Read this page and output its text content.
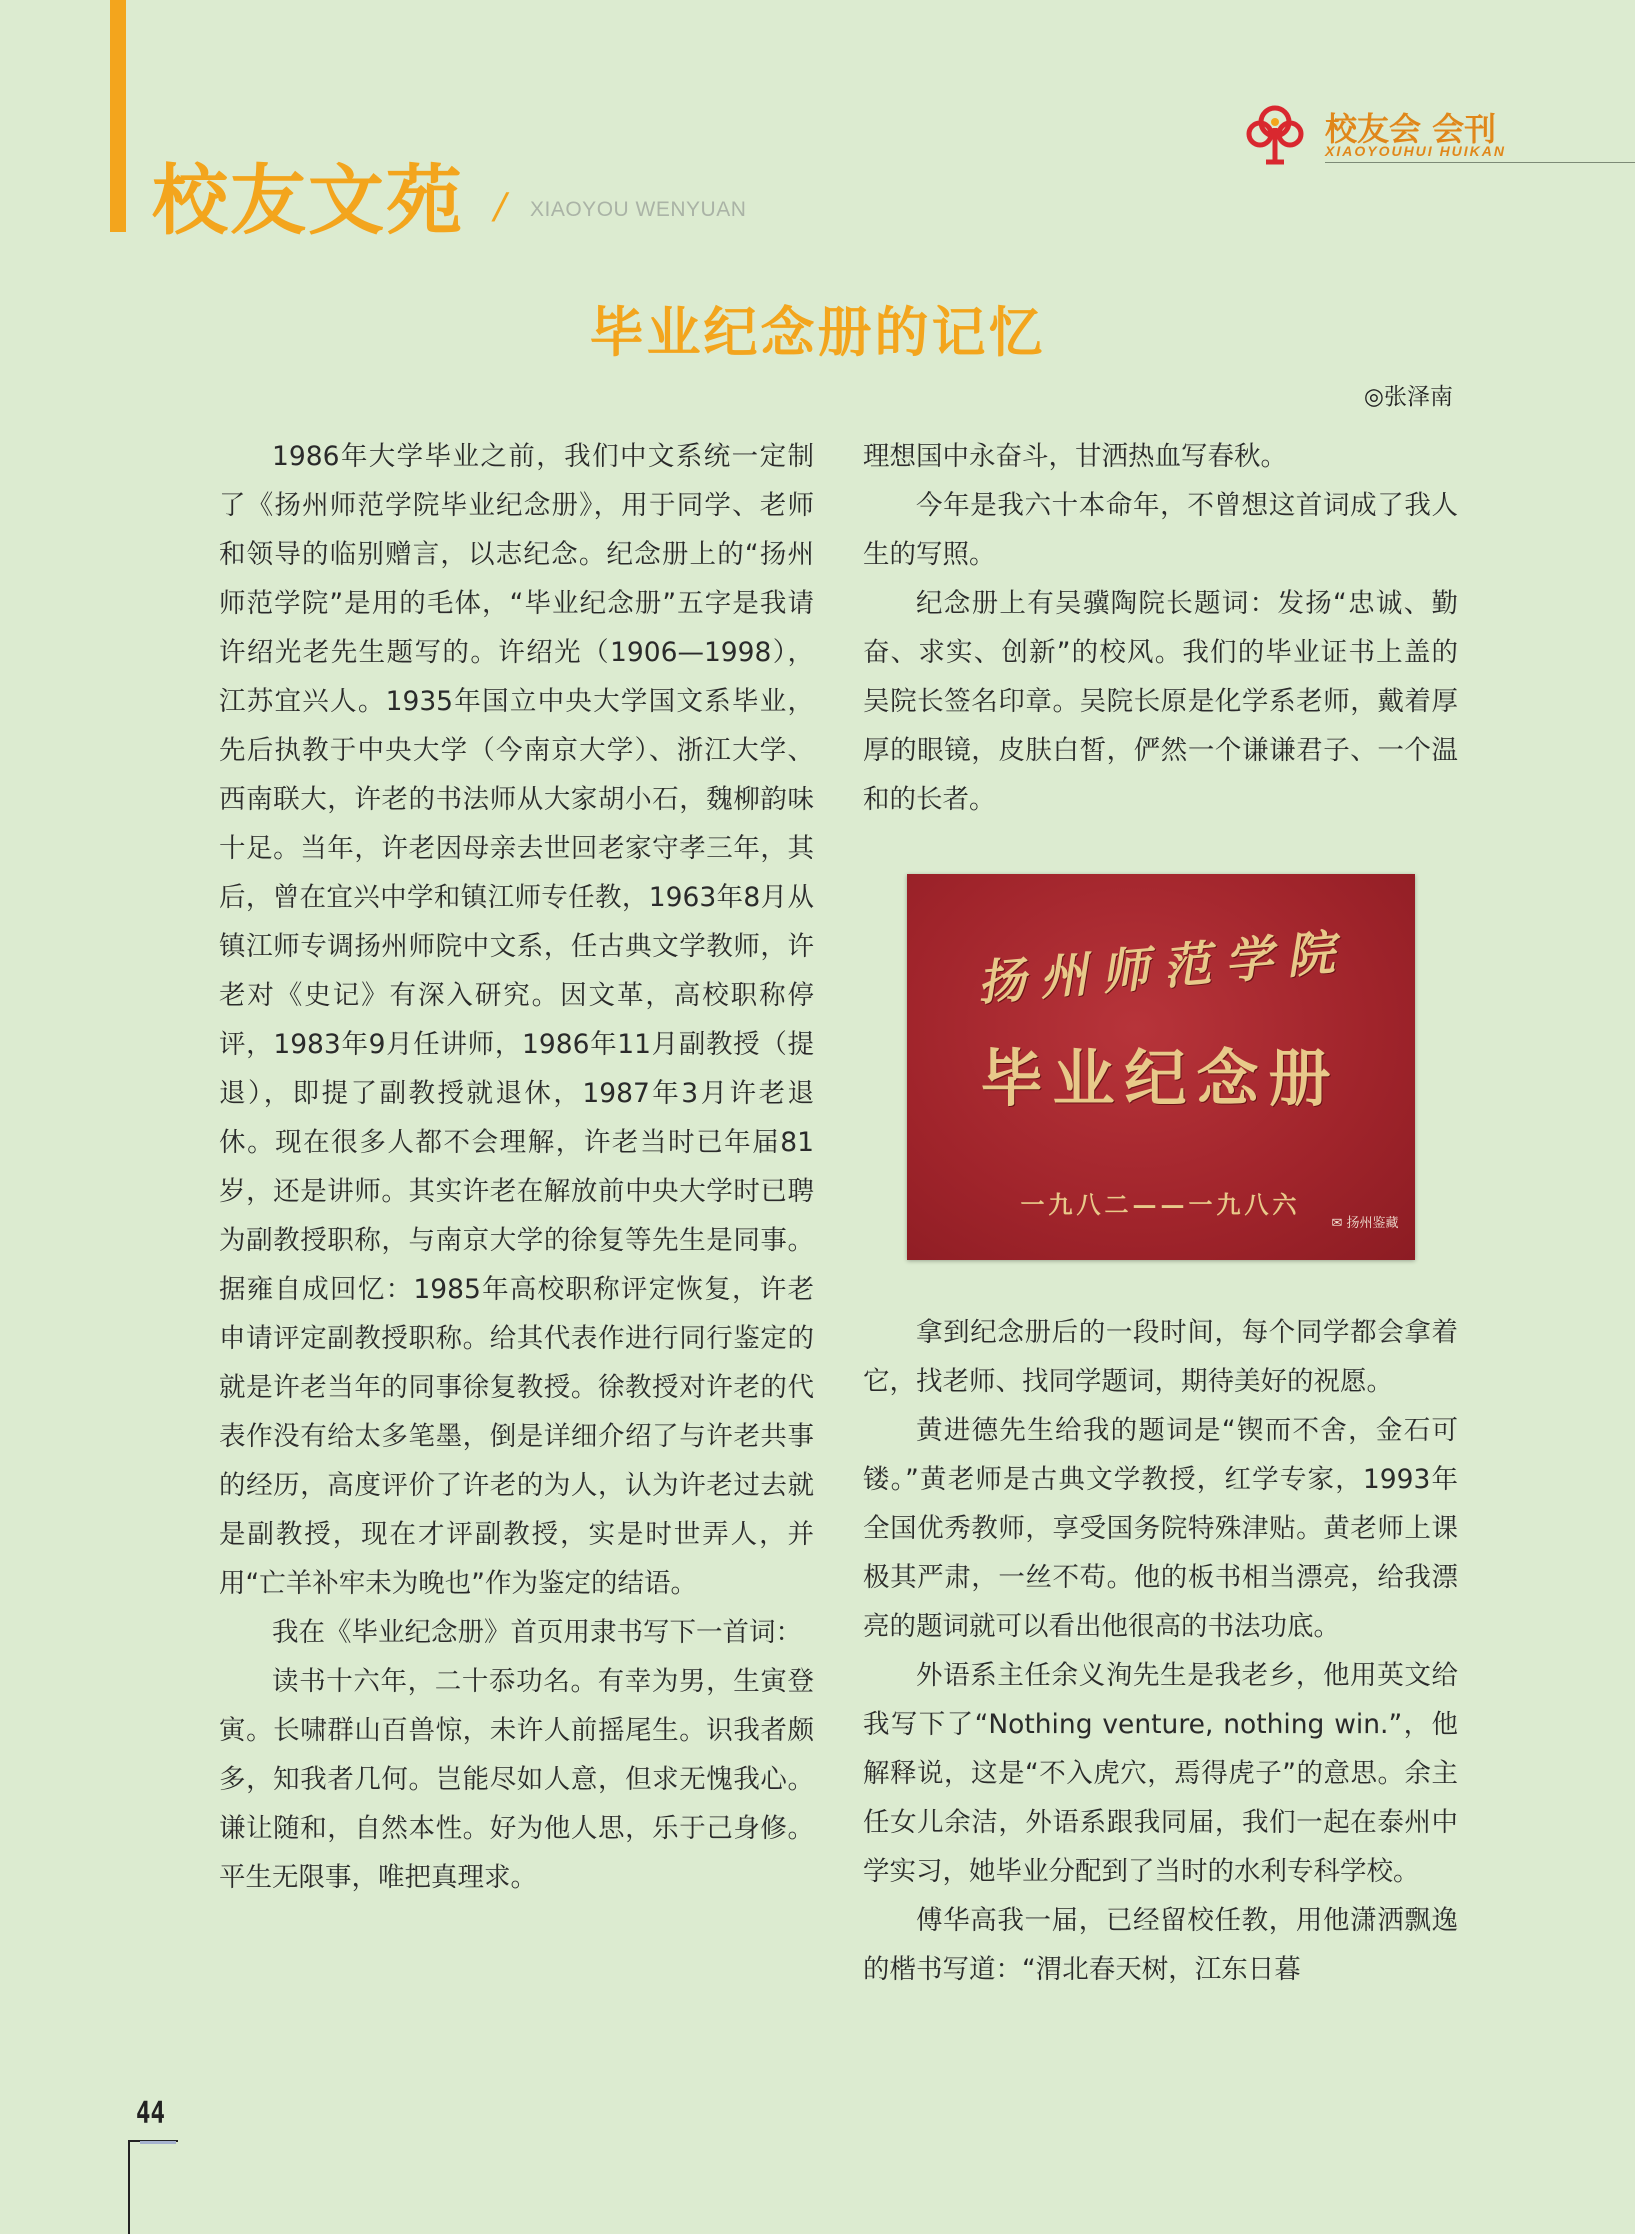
校友文苑 / XIAOYOU WENYUAN
校友会 会刊
XIAOYOUHUI HUIKAN
毕业纪念册的记忆
◎张泽南

1986年大学毕业之前，我们中文系统一定制了《扬州师范学院毕业纪念册》，用于同学、老师和领导的临别赠言，以志纪念。纪念册上的“扬州师范学院”是用的毛体，“毕业纪念册”五字是我请许绍光老先生题写的。许绍光（1906—1998），江苏宜兴人。1935年国立中央大学国文系毕业，先后执教于中央大学（今南京大学）、浙江大学、西南联大，许老的书法师从大家胡小石，魏柳韵味十足。当年，许老因母亲去世回老家守孝三年，其后，曾在宜兴中学和镇江师专任教，1963年8月从镇江师专调扬州师院中文系，任古典文学教师，许老对《史记》有深入研究。因文革，高校职称停评，1983年9月任讲师，1986年11月副教授（提退），即提了副教授就退休，1987年3月许老退休。现在很多人都不会理解，许老当时已年届81岁，还是讲师。其实许老在解放前中央大学时已聘为副教授职称，与南京大学的徐复等先生是同事。据雍自成回忆：1985年高校职称评定恢复，许老申请评定副教授职称。给其代表作进行同行鉴定的就是许老当年的同事徐复教授。徐教授对许老的代表作没有给太多笔墨，倒是详细介绍了与许老共事的经历，高度评价了许老的为人，认为许老过去就是副教授，现在才评副教授，实是时世弄人，并用“亡羊补牢未为晚也”作为鉴定的结语。

我在《毕业纪念册》首页用隶书写下一首词：

读书十六年，二十忝功名。有幸为男，生寅登寅。长啸群山百兽惊，未许人前摇尾生。识我者颇多，知我者几何。岂能尽如人意，但求无愧我心。谦让随和，自然本性。好为他人思，乐于己身修。平生无限事，唯把真理求。

理想国中永奋斗，甘洒热血写春秋。

今年是我六十本命年，不曾想这首词成了我人生的写照。

纪念册上有吴骥陶院长题词：发扬“忠诚、勤奋、求实、创新”的校风。我们的毕业证书上盖的吴院长签名印章。吴院长原是化学系老师，戴着厚厚的眼镜，皮肤白皙，俨然一个谦谦君子、一个温和的长者。

扬州师范学院
毕业纪念册
一九八二——一九八六
✉ 扬州鉴藏

拿到纪念册后的一段时间，每个同学都会拿着它，找老师、找同学题词，期待美好的祝愿。

黄进德先生给我的题词是“锲而不舍，金石可镂。”黄老师是古典文学教授，红学专家，1993年全国优秀教师，享受国务院特殊津贴。黄老师上课极其严肃，一丝不苟。他的板书相当漂亮，给我漂亮的题词就可以看出他很高的书法功底。

外语系主任余义洵先生是我老乡，他用英文给我写下了“Nothing venture, nothing win.”，他解释说，这是“不入虎穴，焉得虎子”的意思。余主任女儿余洁，外语系跟我同届，我们一起在泰州中学实习，她毕业分配到了当时的水利专科学校。

傅华高我一届，已经留校任教，用他潇洒飘逸的楷书写道：“渭北春天树，江东日暮

44
